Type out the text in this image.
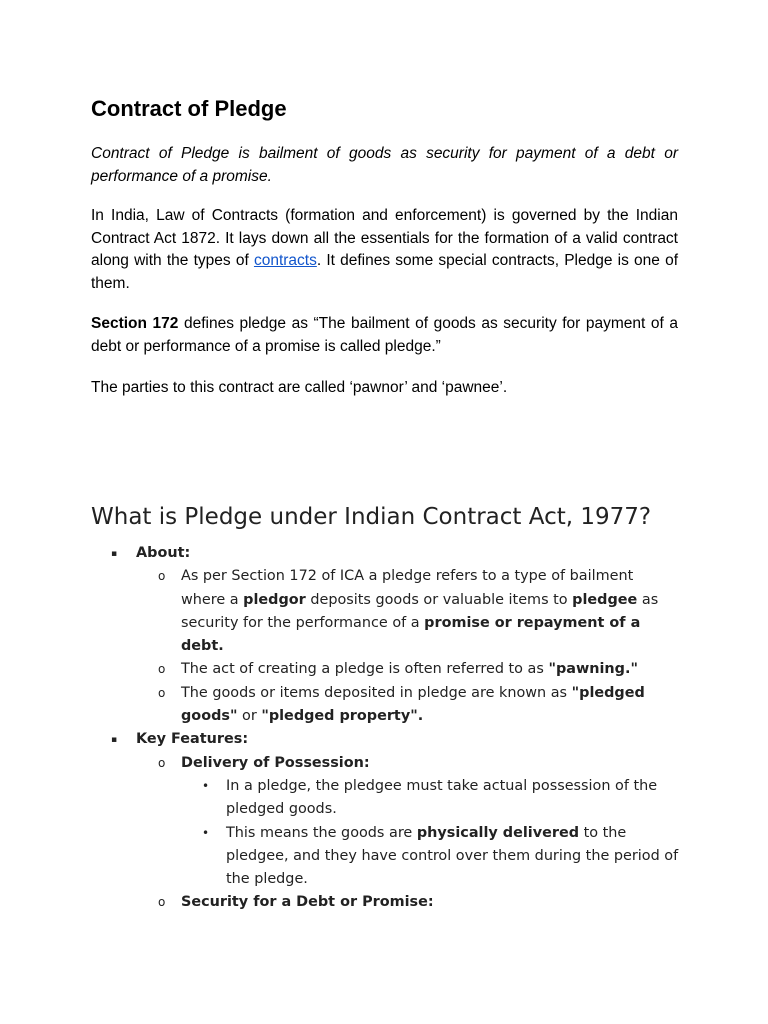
Contract of Pledge

Contract of Pledge is bailment of goods as security for payment of a debt or performance of a promise.

In India, Law of Contracts (formation and enforcement) is governed by the Indian Contract Act 1872. It lays down all the essentials for the formation of a valid contract along with the types of contracts. It defines some special contracts, Pledge is one of them.

Section 172 defines pledge as “The bailment of goods as security for payment of a debt or performance of a promise is called pledge.”

The parties to this contract are called ‘pawnor’ and ‘pawnee’.

What is Pledge under Indian Contract Act, 1977?
▪ About:
o As per Section 172 of ICA a pledge refers to a type of bailment where a pledgor deposits goods or valuable items to pledgee as security for the performance of a promise or repayment of a debt.
o The act of creating a pledge is often referred to as "pawning."
o The goods or items deposited in pledge are known as "pledged goods" or "pledged property".
▪ Key Features:
o Delivery of Possession:
• In a pledge, the pledgee must take actual possession of the pledged goods.
• This means the goods are physically delivered to the pledgee, and they have control over them during the period of the pledge.
o Security for a Debt or Promise:
